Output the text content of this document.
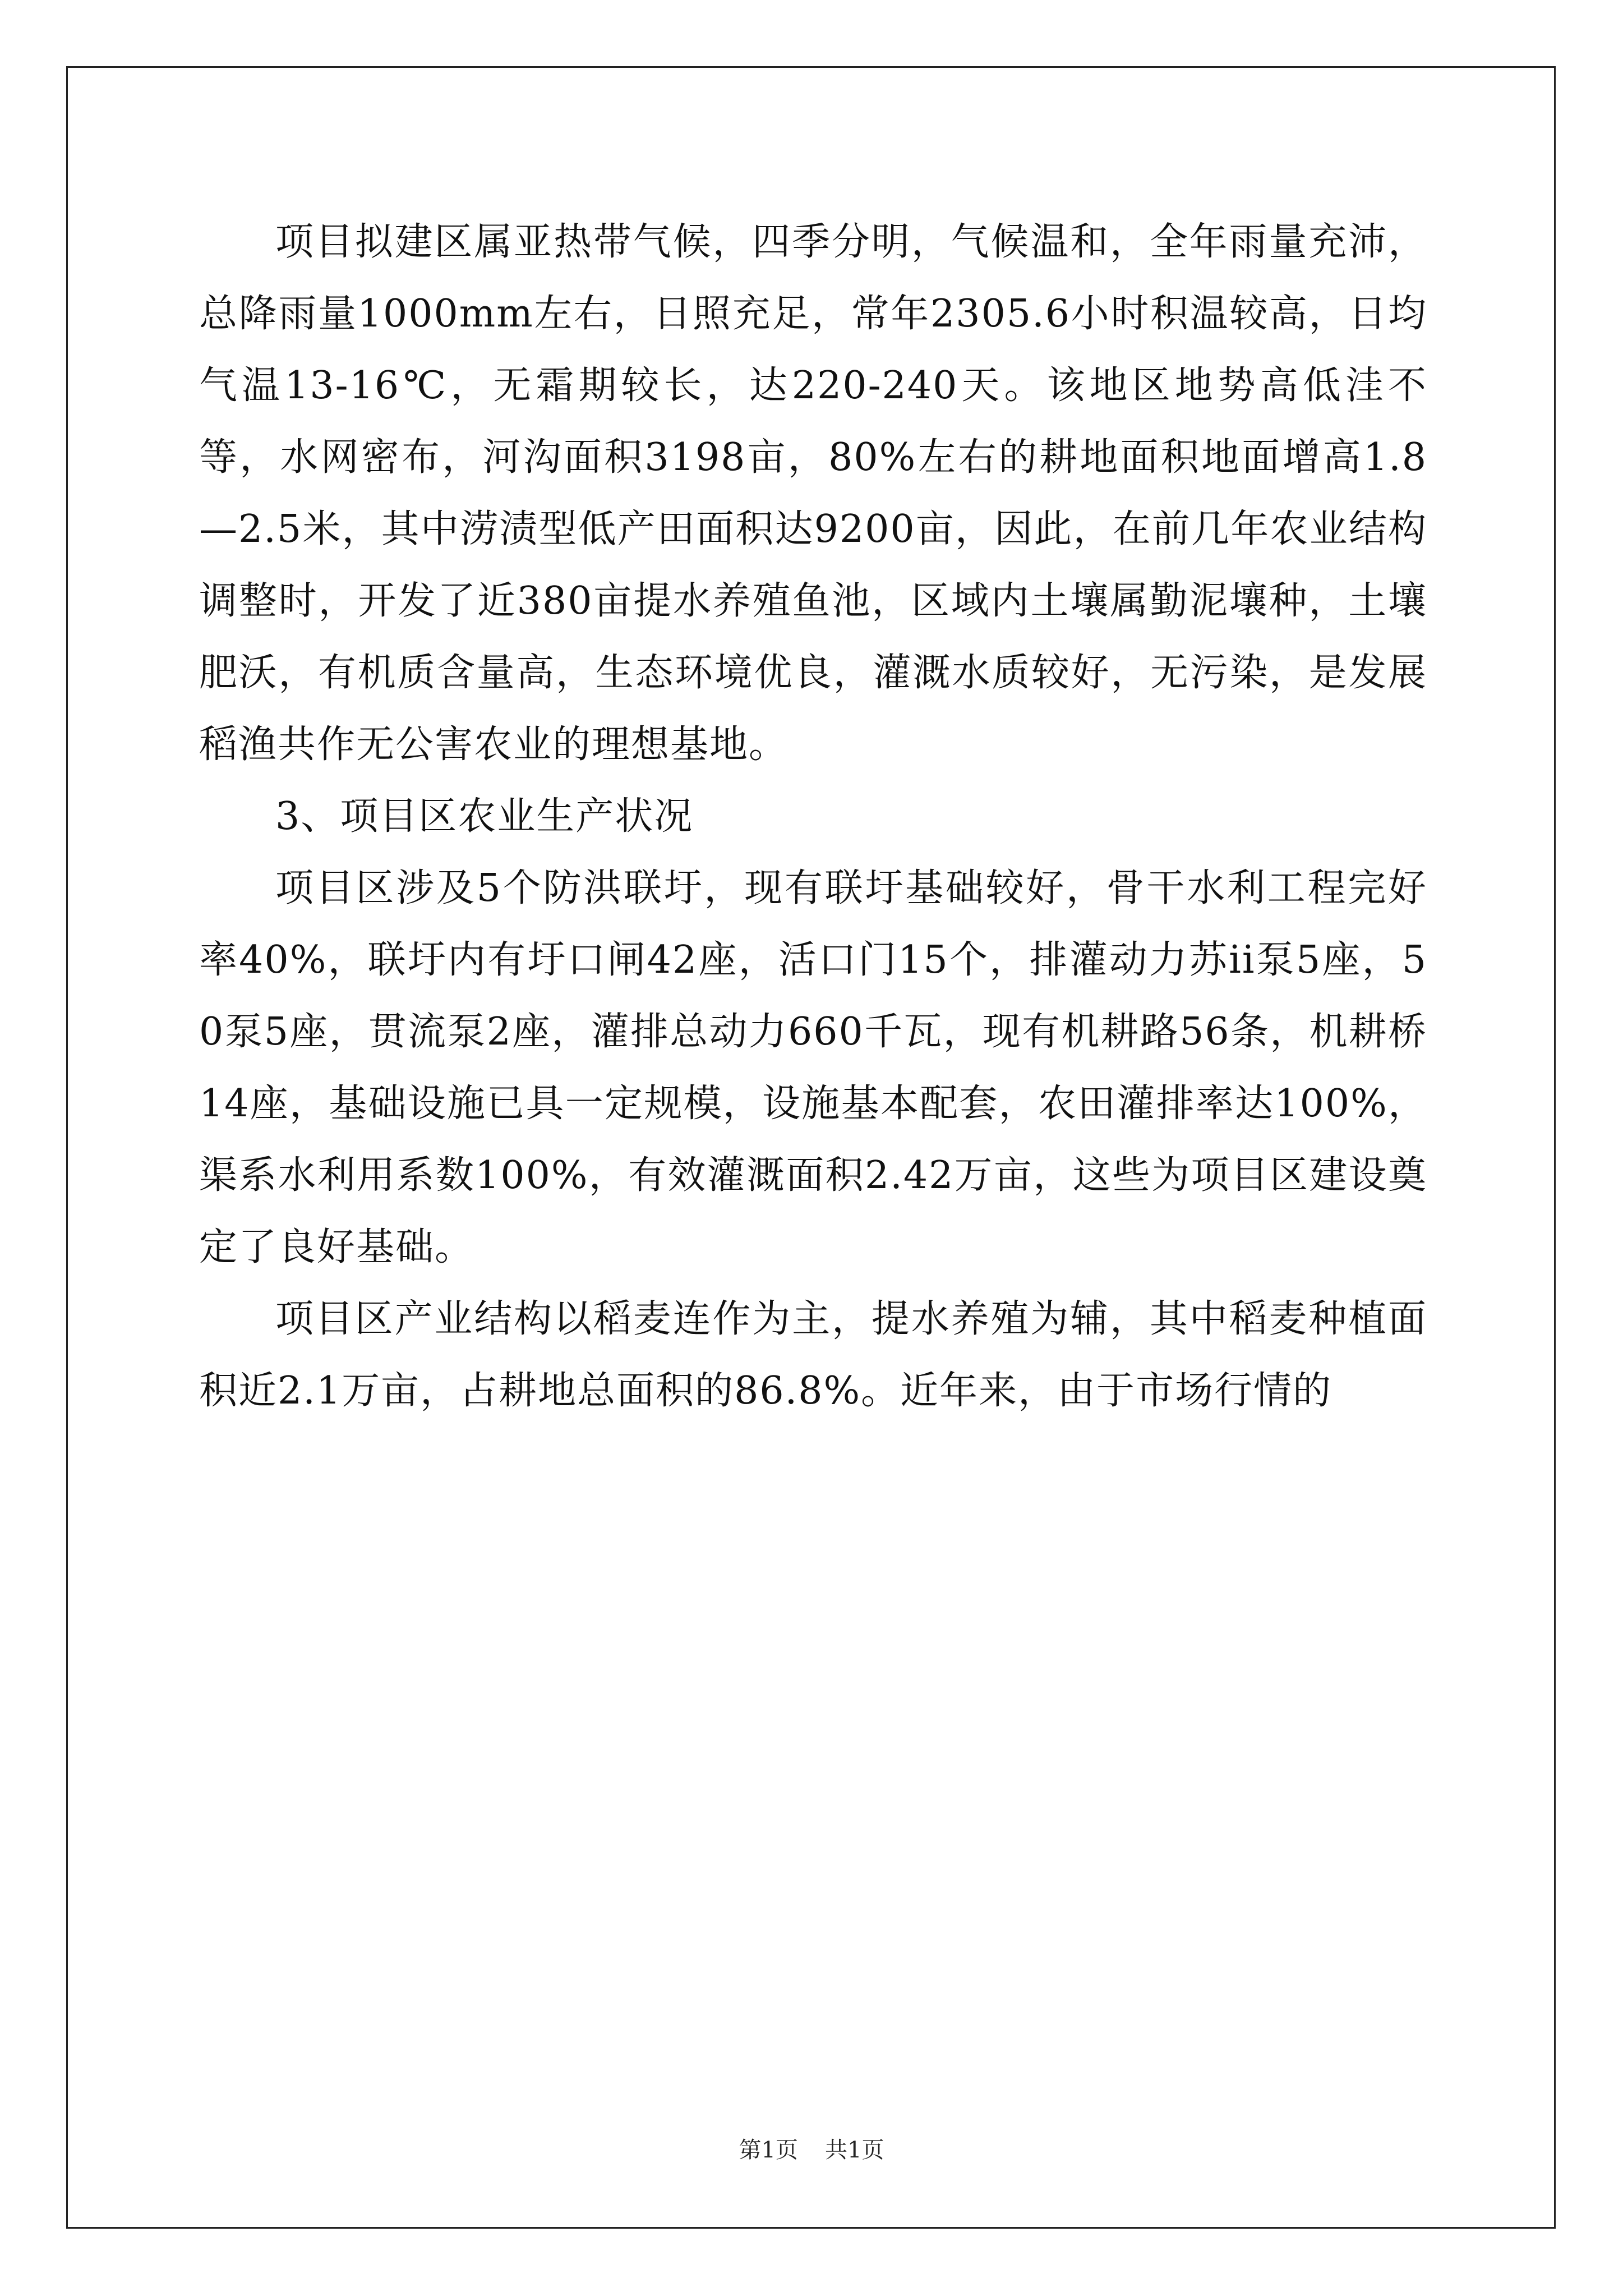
项目拟建区属亚热带气候，四季分明，气候温和，全年雨量充沛，总降雨量1000mm左右，日照充足，常年2305.6小时积温较高，日均气温13-16℃，无霜期较长，达220-240天。该地区地势高低洼不等，水网密布，河沟面积3198亩，80%左右的耕地面积地面增高1.8—2.5米，其中涝渍型低产田面积达9200亩，因此，在前几年农业结构调整时，开发了近380亩提水养殖鱼池，区域内土壤属勤泥壤种，土壤肥沃，有机质含量高，生态环境优良，灌溉水质较好，无污染，是发展稻渔共作无公害农业的理想基地。

3、项目区农业生产状况

项目区涉及5个防洪联圩，现有联圩基础较好，骨干水利工程完好率40%，联圩内有圩口闸42座，活口门15个，排灌动力苏ii泵5座，50泵5座，贯流泵2座，灌排总动力660千瓦，现有机耕路56条，机耕桥14座，基础设施已具一定规模，设施基本配套，农田灌排率达100%，渠系水利用系数100%，有效灌溉面积2.42万亩，这些为项目区建设奠定了良好基础。

项目区产业结构以稻麦连作为主，提水养殖为辅，其中稻麦种植面积近2.1万亩，占耕地总面积的86.8%。近年来，由于市场行情的

第1页 共1页
